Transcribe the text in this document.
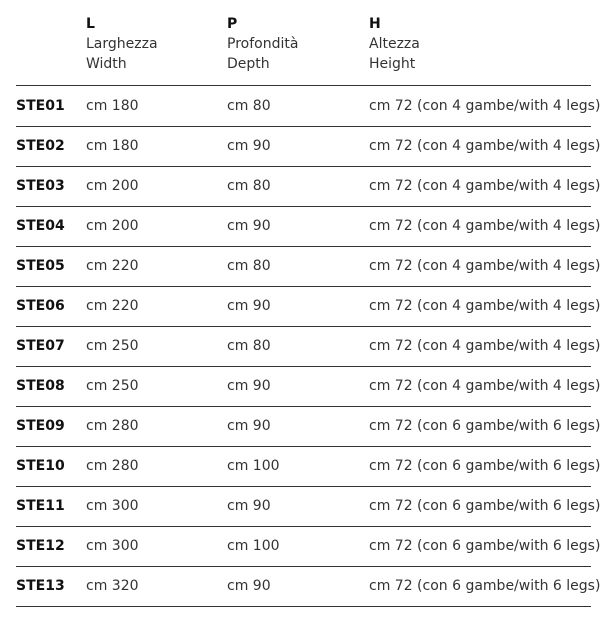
L
Larghezza
Width
P
Profondità
Depth
H
Altezza
Height
STE01 cm 180	cm 80	cm 72 (con 4 gambe/with 4 legs)
STE02 cm 180	cm 90	cm 72 (con 4 gambe/with 4 legs)
STE03 cm 200	cm 80	cm 72 (con 4 gambe/with 4 legs)
STE04 cm 200	cm 90	cm 72 (con 4 gambe/with 4 legs)
STE05 cm 220	cm 80	cm 72 (con 4 gambe/with 4 legs)
STE06 cm 220	cm 90	cm 72 (con 4 gambe/with 4 legs)
STE07 cm 250	cm 80	cm 72 (con 4 gambe/with 4 legs)
STE08 cm 250	cm 90	cm 72 (con 4 gambe/with 4 legs)
STE09 cm 280	cm 90	cm 72 (con 6 gambe/with 6 legs)
STE10 cm 280	cm 100	cm 72 (con 6 gambe/with 6 legs)
STE11 cm 300	cm 90	cm 72 (con 6 gambe/with 6 legs)
STE12 cm 300	cm 100	cm 72 (con 6 gambe/with 6 legs)
STE13 cm 320	cm 90	cm 72 (con 6 gambe/with 6 legs)
